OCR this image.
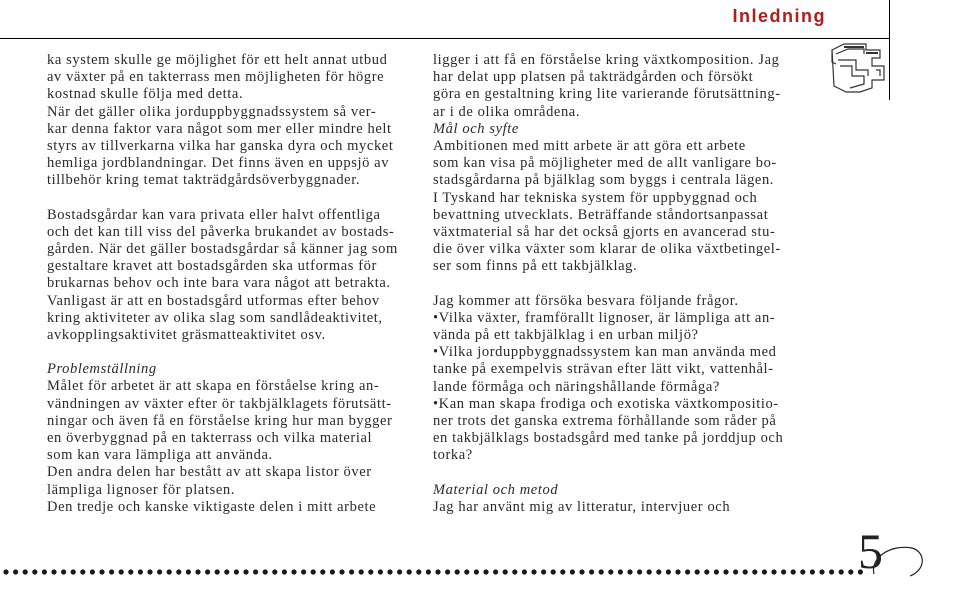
Inledning

ka system skulle ge möjlighet för ett helt annat utbud
av växter på en takterrass men möjligheten för högre
kostnad skulle följa med detta.
När det gäller olika jorduppbyggnadssystem så ver-
kar denna faktor vara något som mer eller mindre helt
styrs av tillverkarna vilka har ganska dyra och mycket
hemliga jordblandningar. Det finns även en uppsjö av
tillbehör kring temat takträdgårdsöverbyggnader.

Bostadsgårdar kan vara privata eller halvt offentliga
och det kan till viss del påverka brukandet av bostads-
gården. När det gäller bostadsgårdar så känner jag som
gestaltare kravet att bostadsgården ska utformas för
brukarnas behov och inte bara vara något att betrakta.
Vanligast är att en bostadsgård utformas efter behov
kring aktiviteter av olika slag som sandlådeaktivitet,
avkopplingsaktivitet gräsmatteaktivitet osv.

Problemställning

Målet för arbetet är att skapa en förståelse kring an-
vändningen av växter efter ör takbjälklagets förutsätt-
ningar och även få en förståelse kring hur man bygger
en överbyggnad på en takterrass och vilka material
som kan vara lämpliga att använda.
Den andra delen har bestått av att skapa listor över
lämpliga lignoser för platsen.
Den tredje och kanske viktigaste delen i mitt arbete

ligger i att få en förståelse kring växtkomposition. Jag
har delat upp platsen på takträdgården och försökt
göra en gestaltning kring lite varierande förutsättning-
ar i de olika områdena.

Mål och syfte

Ambitionen med mitt arbete är att göra ett arbete
som kan visa på möjligheter med de allt vanligare bo-
stadsgårdarna på bjälklag som byggs i centrala lägen.
I Tyskand har tekniska system för uppbyggnad och
bevattning utvecklats. Beträffande ståndortsanpassat
växtmaterial så har det också gjorts en avancerad stu-
die över vilka växter som klarar de olika växtbetingel-
ser som finns på ett takbjälklag.

Jag kommer att försöka besvara följande frågor.
•Vilka växter, framförallt lignoser, är lämpliga att an-
vända på ett takbjälklag i en urban miljö?
•Vilka jorduppbyggnadssystem kan man använda med
tanke på exempelvis strävan efter lätt vikt, vattenhål-
lande förmåga och näringshållande förmåga?
•Kan man skapa frodiga och exotiska växtkompositio-
ner trots det ganska extrema förhållande som råder på
en takbjälklags bostadsgård med tanke på jorddjup och
torka?

Material och metod

Jag har använt mig av litteratur, intervjuer och

5
